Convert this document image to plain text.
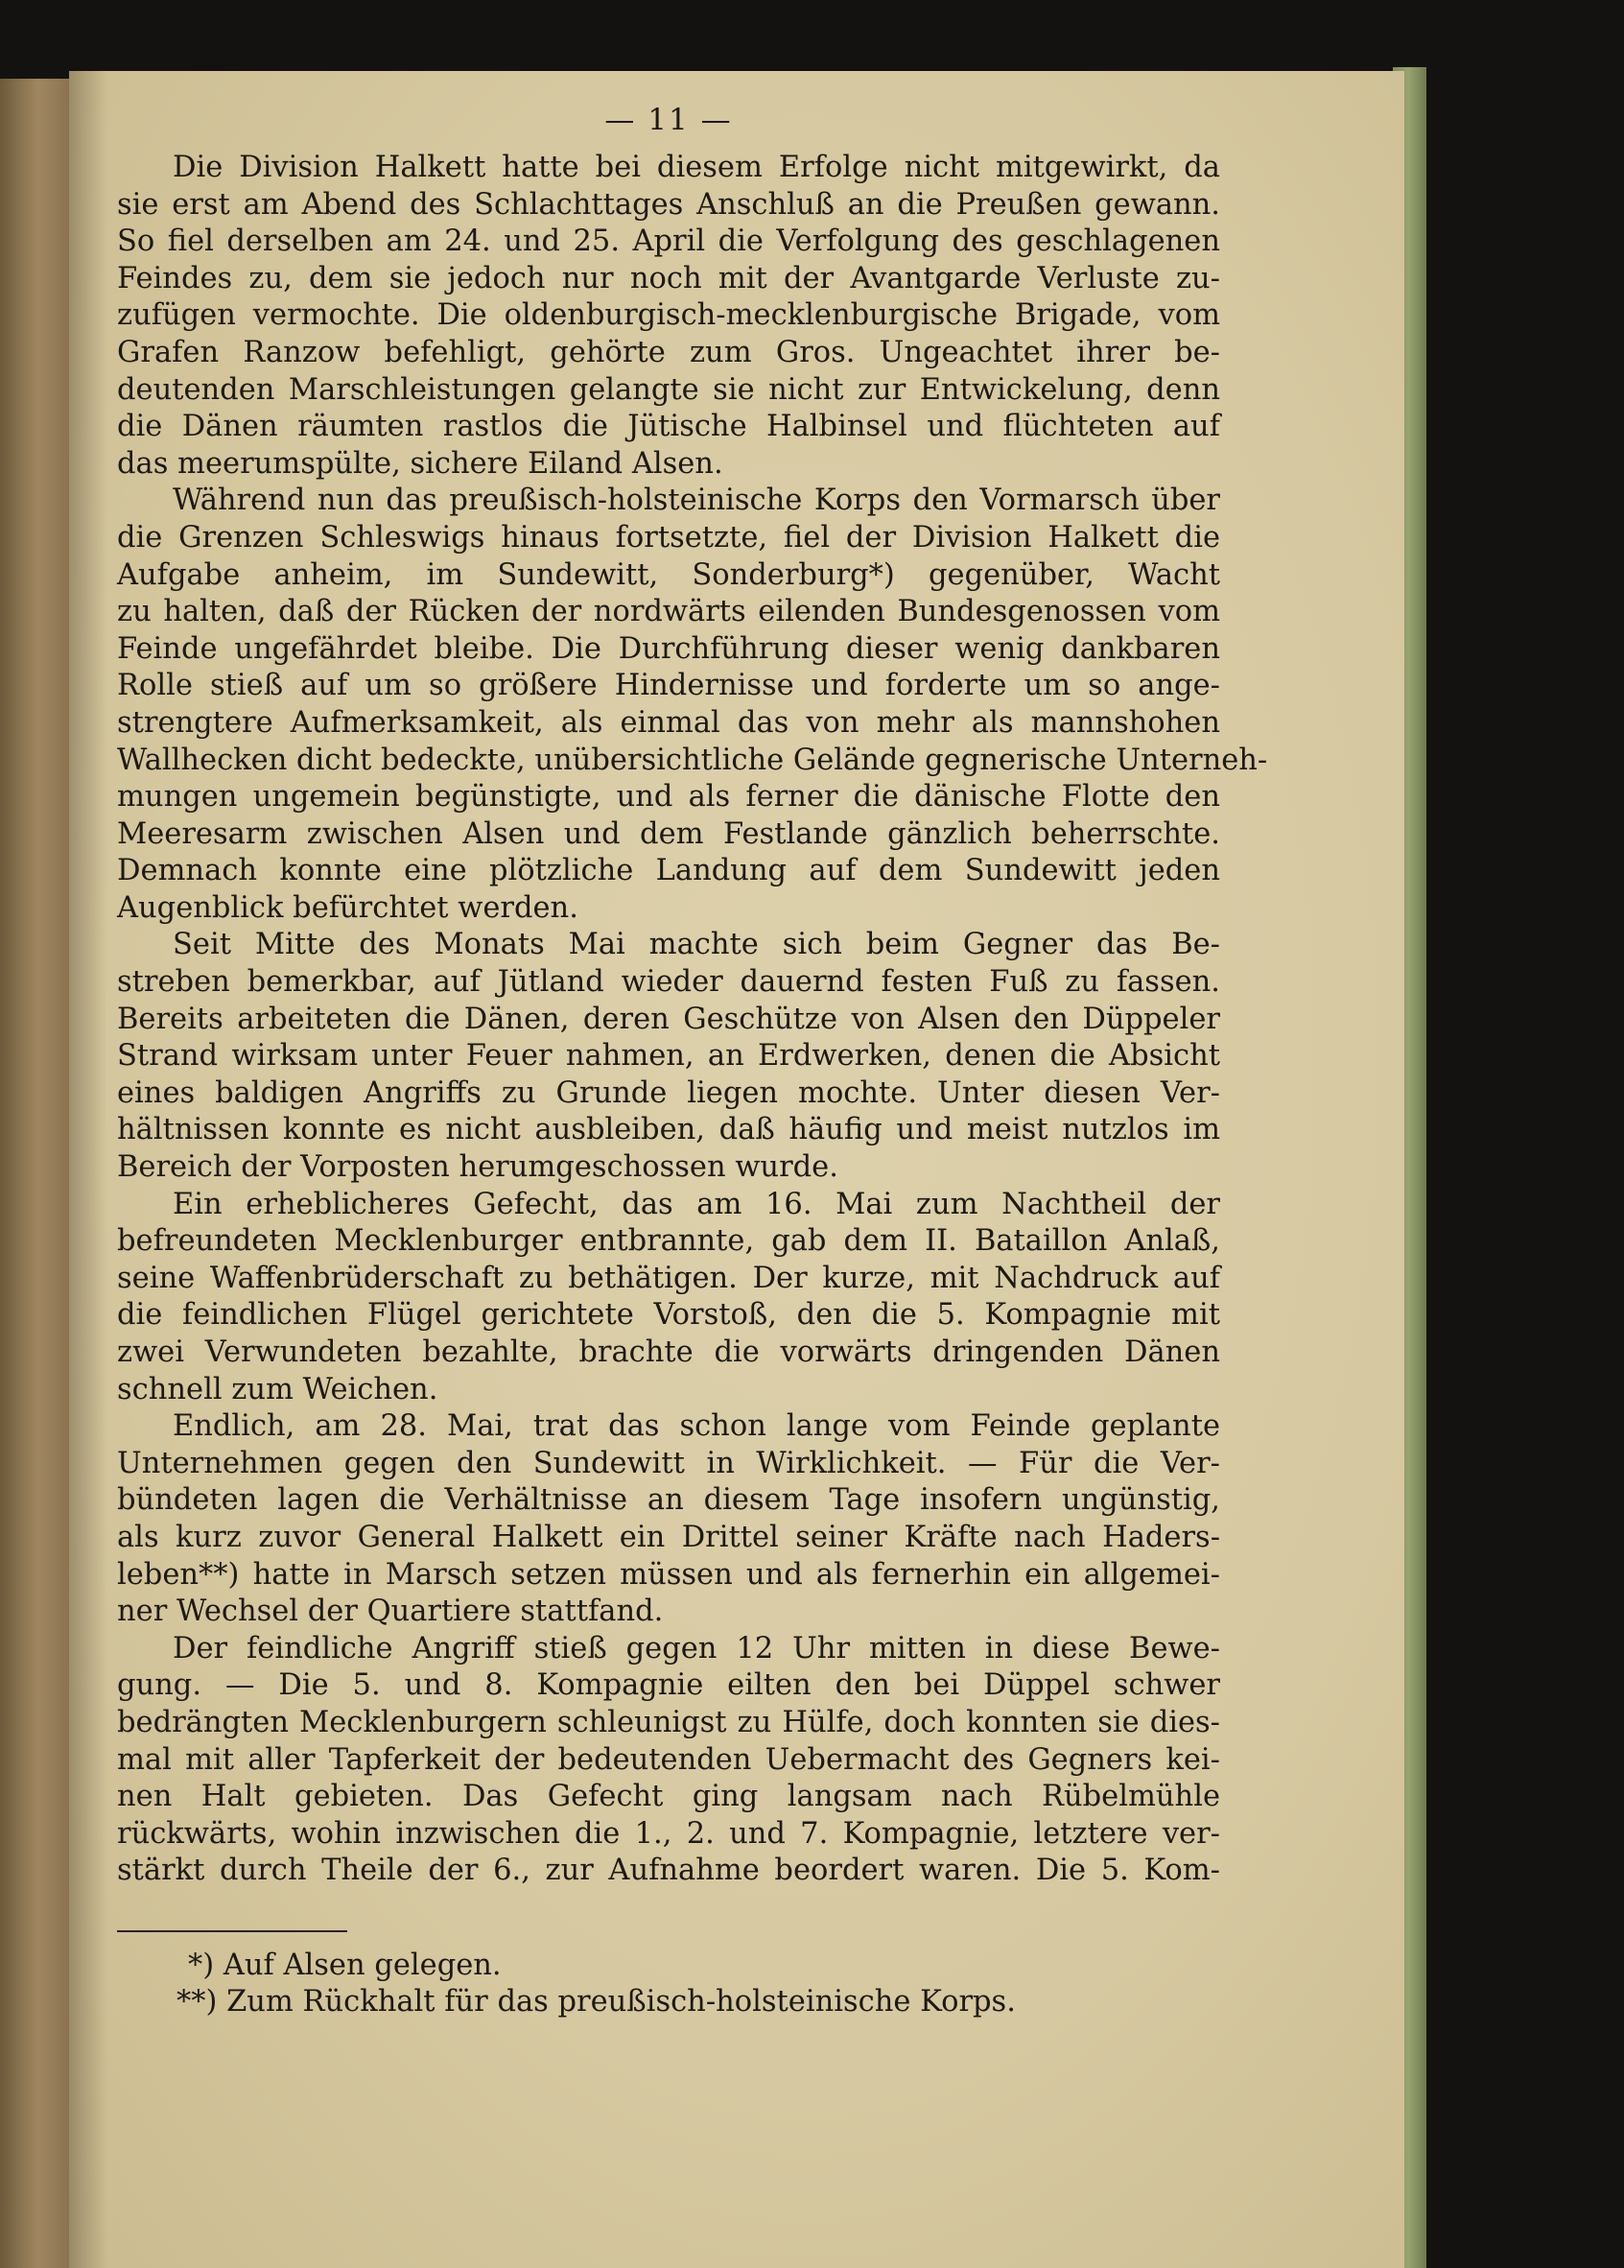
— 11 —
Die Division Halkett hatte bei diesem Erfolge nicht mitgewirkt, da
sie erst am Abend des Schlachttages Anschluß an die Preußen gewann.
So fiel derselben am 24. und 25. April die Verfolgung des geschlagenen
Feindes zu, dem sie jedoch nur noch mit der Avantgarde Verluste zu-
zufügen vermochte. Die oldenburgisch-mecklenburgische Brigade, vom
Grafen Ranzow befehligt, gehörte zum Gros. Ungeachtet ihrer be-
deutenden Marschleistungen gelangte sie nicht zur Entwickelung, denn
die Dänen räumten rastlos die Jütische Halbinsel und flüchteten auf
das meerumspülte, sichere Eiland Alsen.
Während nun das preußisch-holsteinische Korps den Vormarsch über
die Grenzen Schleswigs hinaus fortsetzte, fiel der Division Halkett die
Aufgabe anheim, im Sundewitt, Sonderburg*) gegenüber, Wacht
zu halten, daß der Rücken der nordwärts eilenden Bundesgenossen vom
Feinde ungefährdet bleibe. Die Durchführung dieser wenig dankbaren
Rolle stieß auf um so größere Hindernisse und forderte um so ange-
strengtere Aufmerksamkeit, als einmal das von mehr als mannshohen
Wallhecken dicht bedeckte, unübersichtliche Gelände gegnerische Unterneh-
mungen ungemein begünstigte, und als ferner die dänische Flotte den
Meeresarm zwischen Alsen und dem Festlande gänzlich beherrschte.
Demnach konnte eine plötzliche Landung auf dem Sundewitt jeden
Augenblick befürchtet werden.
Seit Mitte des Monats Mai machte sich beim Gegner das Be-
streben bemerkbar, auf Jütland wieder dauernd festen Fuß zu fassen.
Bereits arbeiteten die Dänen, deren Geschütze von Alsen den Düppeler
Strand wirksam unter Feuer nahmen, an Erdwerken, denen die Absicht
eines baldigen Angriffs zu Grunde liegen mochte. Unter diesen Ver-
hältnissen konnte es nicht ausbleiben, daß häufig und meist nutzlos im
Bereich der Vorposten herumgeschossen wurde.
Ein erheblicheres Gefecht, das am 16. Mai zum Nachtheil der
befreundeten Mecklenburger entbrannte, gab dem II. Bataillon Anlaß,
seine Waffenbrüderschaft zu bethätigen. Der kurze, mit Nachdruck auf
die feindlichen Flügel gerichtete Vorstoß, den die 5. Kompagnie mit
zwei Verwundeten bezahlte, brachte die vorwärts dringenden Dänen
schnell zum Weichen.
Endlich, am 28. Mai, trat das schon lange vom Feinde geplante
Unternehmen gegen den Sundewitt in Wirklichkeit. — Für die Ver-
bündeten lagen die Verhältnisse an diesem Tage insofern ungünstig,
als kurz zuvor General Halkett ein Drittel seiner Kräfte nach Haders-
leben**) hatte in Marsch setzen müssen und als fernerhin ein allgemei-
ner Wechsel der Quartiere stattfand.
Der feindliche Angriff stieß gegen 12 Uhr mitten in diese Bewe-
gung. — Die 5. und 8. Kompagnie eilten den bei Düppel schwer
bedrängten Mecklenburgern schleunigst zu Hülfe, doch konnten sie dies-
mal mit aller Tapferkeit der bedeutenden Uebermacht des Gegners kei-
nen Halt gebieten. Das Gefecht ging langsam nach Rübelmühle
rückwärts, wohin inzwischen die 1., 2. und 7. Kompagnie, letztere ver-
stärkt durch Theile der 6., zur Aufnahme beordert waren. Die 5. Kom-
*) Auf Alsen gelegen.
**) Zum Rückhalt für das preußisch-holsteinische Korps.
